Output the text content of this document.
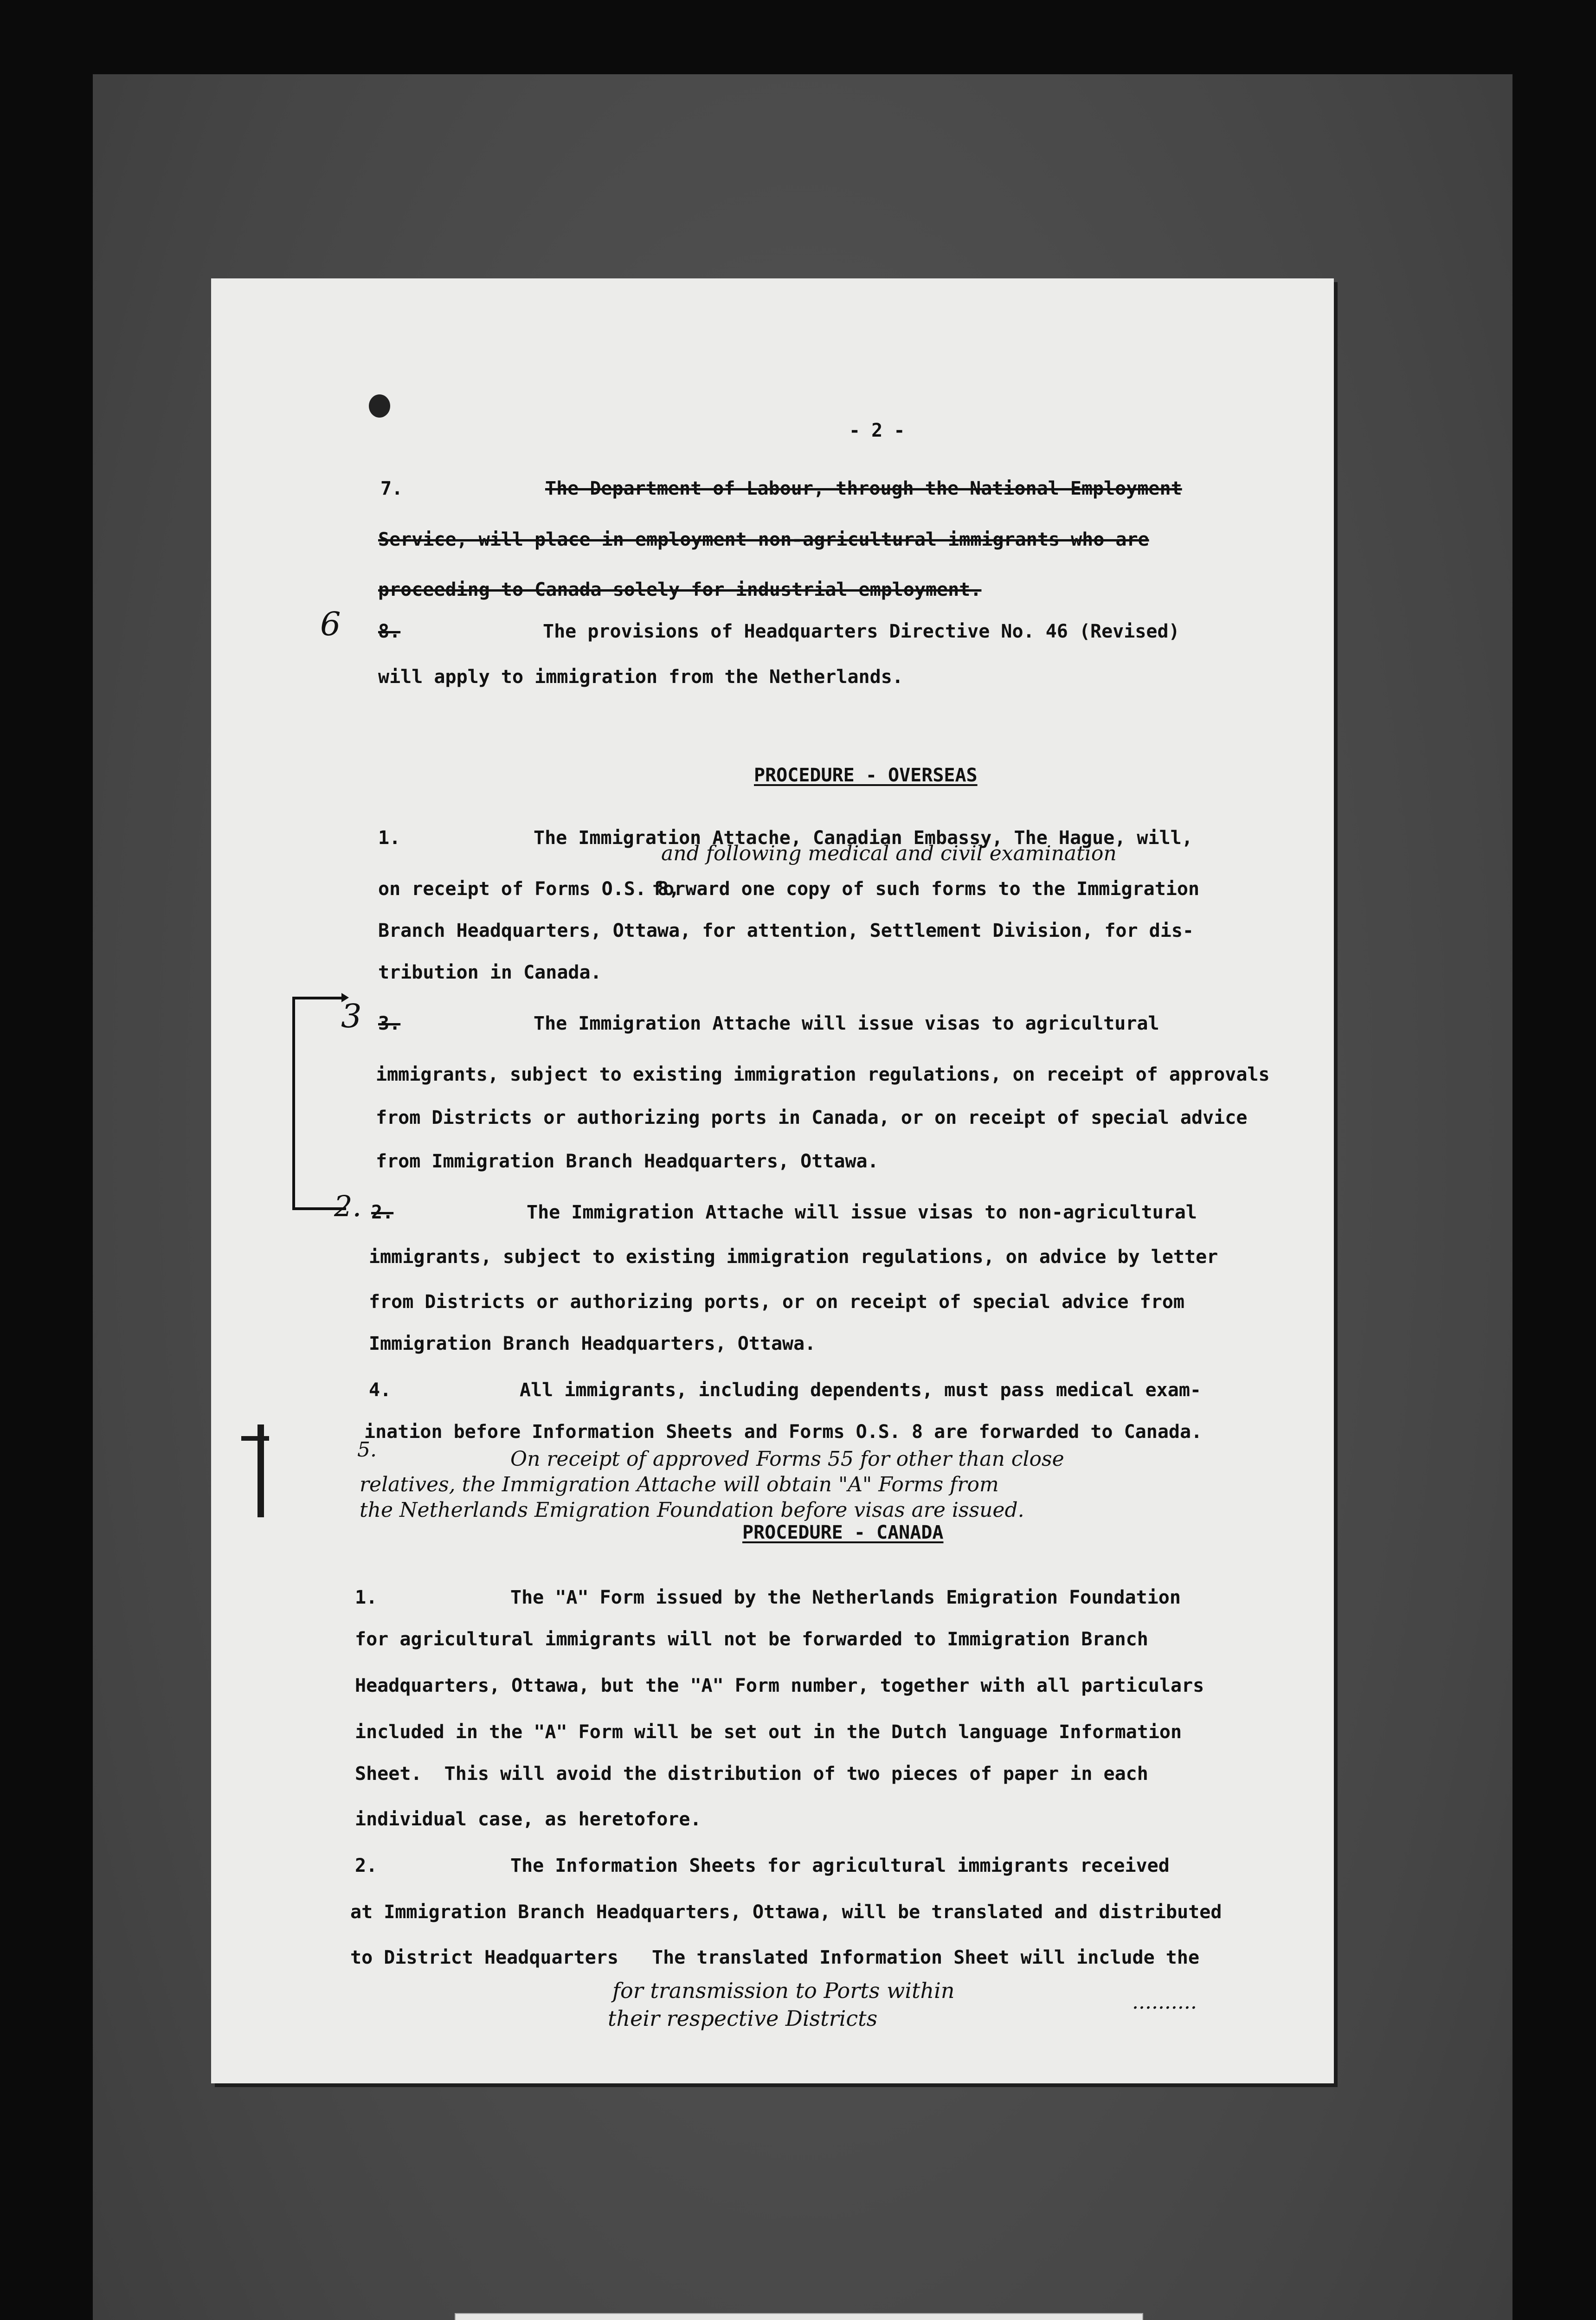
- 2 -

7.	The Department of Labour, through the National Employment

Service, will place in employment non-agricultural immigrants who are

proceeding to Canada solely for industrial employment.

8.	The provisions of Headquarters Directive No. 46 (Revised)

will apply to immigration from the Netherlands.

PROCEDURE - OVERSEAS

1.	The Immigration Attache, Canadian Embassy, The Hague, will,

on receipt of Forms O.S. 8,

forward one copy of such forms to the Immigration

Branch Headquarters, Ottawa, for attention, Settlement Division, for dis-

tribution in Canada.

3.	The Immigration Attache will issue visas to agricultural

immigrants, subject to existing immigration regulations, on receipt of approvals

from Districts or authorizing ports in Canada, or on receipt of special advice

from Immigration Branch Headquarters, Ottawa.

2.	The Immigration Attache will issue visas to non-agricultural

immigrants, subject to existing immigration regulations, on advice by letter

from Districts or authorizing ports, or on receipt of special advice from

Immigration Branch Headquarters, Ottawa.

4.	All immigrants, including dependents, must pass medical exam-

ination before Information Sheets and Forms O.S. 8 are forwarded to Canada.

PROCEDURE - CANADA

1.	The "A" Form issued by the Netherlands Emigration Foundation

for agricultural immigrants will not be forwarded to Immigration Branch

Headquarters, Ottawa, but the "A" Form number, together with all particulars

included in the "A" Form will be set out in the Dutch language Information

Sheet.  This will avoid the distribution of two pieces of paper in each

individual case, as heretofore.

2.	The Information Sheets for agricultural immigrants received

at Immigration Branch Headquarters, Ottawa, will be translated and distributed

to District Headquarters The translated Information Sheet will include the

6

and following medical and civil examination

3

2.

5.	On receipt of approved Forms 55 for other than close

relatives, the Immigration Attache will obtain "A" Forms from

the Netherlands Emigration Foundation before visas are issued.

for transmission to Ports within

their respective Districts

..........
